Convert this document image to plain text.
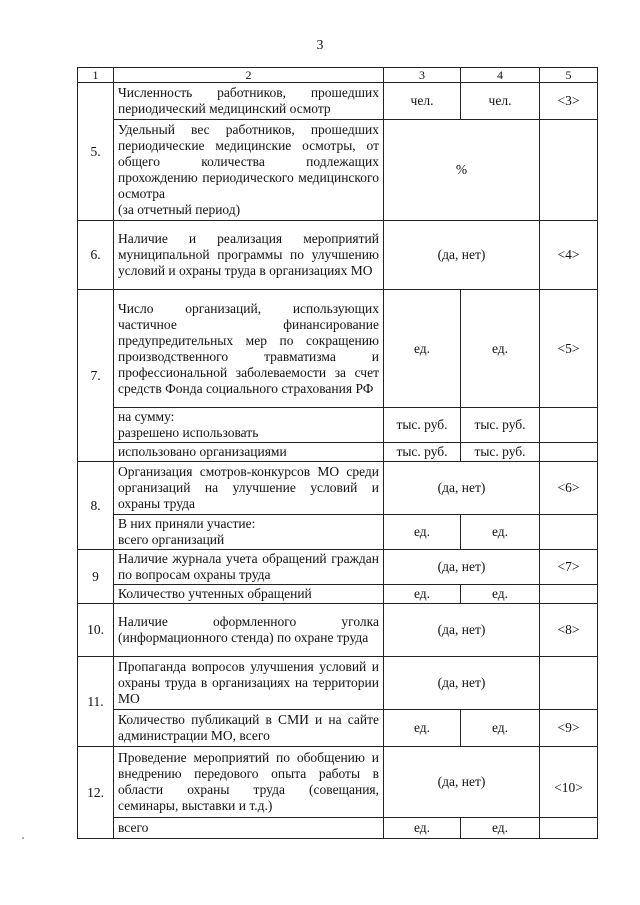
3
1	2	3	4	5
5.	Численность работников, прошедших периодический медицинский осмотр	чел.	чел.	<3>
	Удельный вес работников, прошедших периодические медицинские осмотры, от общего количества подлежащих прохождению периодического медицинского осмотра
(за отчетный период)	%		
6.	Наличие и реализация мероприятий муниципальной программы по улучшению условий и охраны труда в организациях МО	(да, нет)		<4>
7.	Число организаций, использующих частичное финансирование предупредительных мер по сокращению производственного травматизма и профессиональной заболеваемости за счет средств Фонда социального страхования РФ	ед.	ед.	<5>
	на сумму:
разрешено использовать	тыс. руб.	тыс. руб.	
	использовано организациями	тыс. руб.	тыс. руб.	
8.	Организация смотров-конкурсов МО среди организаций на улучшение условий и охраны труда	(да, нет)		<6>
	В них приняли участие:
всего организаций	ед.	ед.	
9	Наличие журнала учета обращений граждан по вопросам охраны труда	(да, нет)		<7>
	Количество учтенных обращений	ед.	ед.	
10.	Наличие оформленного уголка (информационного стенда) по охране труда	(да, нет)		<8>
11.	Пропаганда вопросов улучшения условий и охраны труда в организациях на территории МО	(да, нет)		
	Количество публикаций в СМИ и на сайте администрации МО, всего	ед.	ед.	<9>
12.	Проведение мероприятий по обобщению и внедрению передового опыта работы в области охраны труда (совещания, семинары, выставки и т.д.)	(да, нет)		<10>
	всего	ед.	ед.	
